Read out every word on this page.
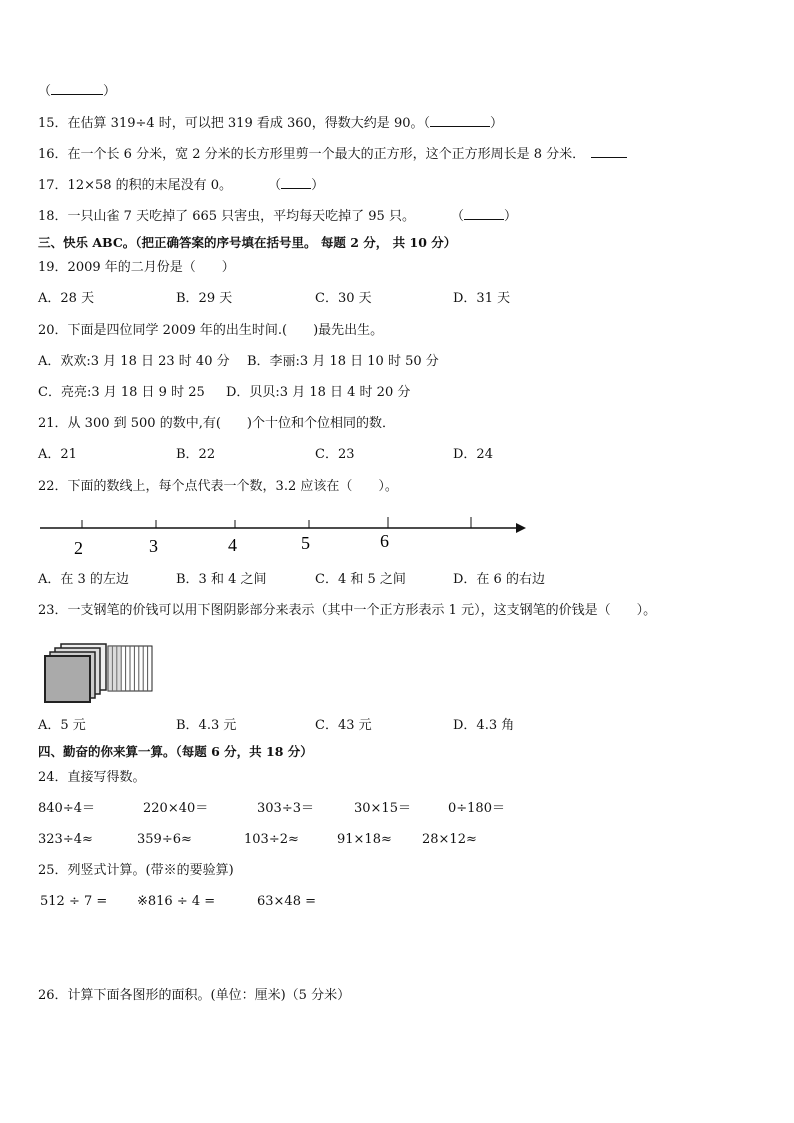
（	）
15．在估算 319÷4 时，可以把 319 看成 360，得数大约是 90。（	）
16．在一个长 6 分米，宽 2 分米的长方形里剪一个最大的正方形，这个正方形周长是 8 分米．
17．12×58 的积的末尾没有 0。	（ ）
18．一只山雀 7 天吃掉了 665 只害虫，平均每天吃掉了 95 只。	（	）
三、快乐 ABC。（把正确答案的序号填在括号里。 每题 2 分， 共 10 分）
19．2009 年的二月份是（　　）
A．28 天	B．29 天	C．30 天	D．31 天
20．下面是四位同学 2009 年的出生时间.(　　)最先出生。
A．欢欢:3 月 18 日 23 时 40 分 B．李丽:3 月 18 日 10 时 50 分
C．亮亮:3 月 18 日 9 时 25 D．贝贝:3 月 18 日 4 时 20 分
21．从 300 到 500 的数中,有(　　)个十位和个位相同的数．
A．21	B．22	C．23	D．24
22．下面的数线上，每个点代表一个数，3.2 应该在（　　）。
2	3	4	5	6
A．在 3 的左边	B．3 和 4 之间	C．4 和 5 之间	D．在 6 的右边
23．一支钢笔的价钱可以用下图阴影部分来表示（其中一个正方形表示 1 元），这支钢笔的价钱是（　　）。
A．5 元	B．4.3 元	C．43 元	D．4.3 角
四、勤奋的你来算一算。（每题 6 分，共 18 分）
24．直接写得数。
840÷4＝	220×40＝	303÷3＝	30×15＝	0÷180＝
323÷4≈	359÷6≈	103÷2≈	91×18≈ 28×12≈
25．列竖式计算。(带※的要验算)
512 ÷ 7 = ※816 ÷ 4 =	63×48 =
26．计算下面各图形的面积。(单位：厘米)（5 分米）
